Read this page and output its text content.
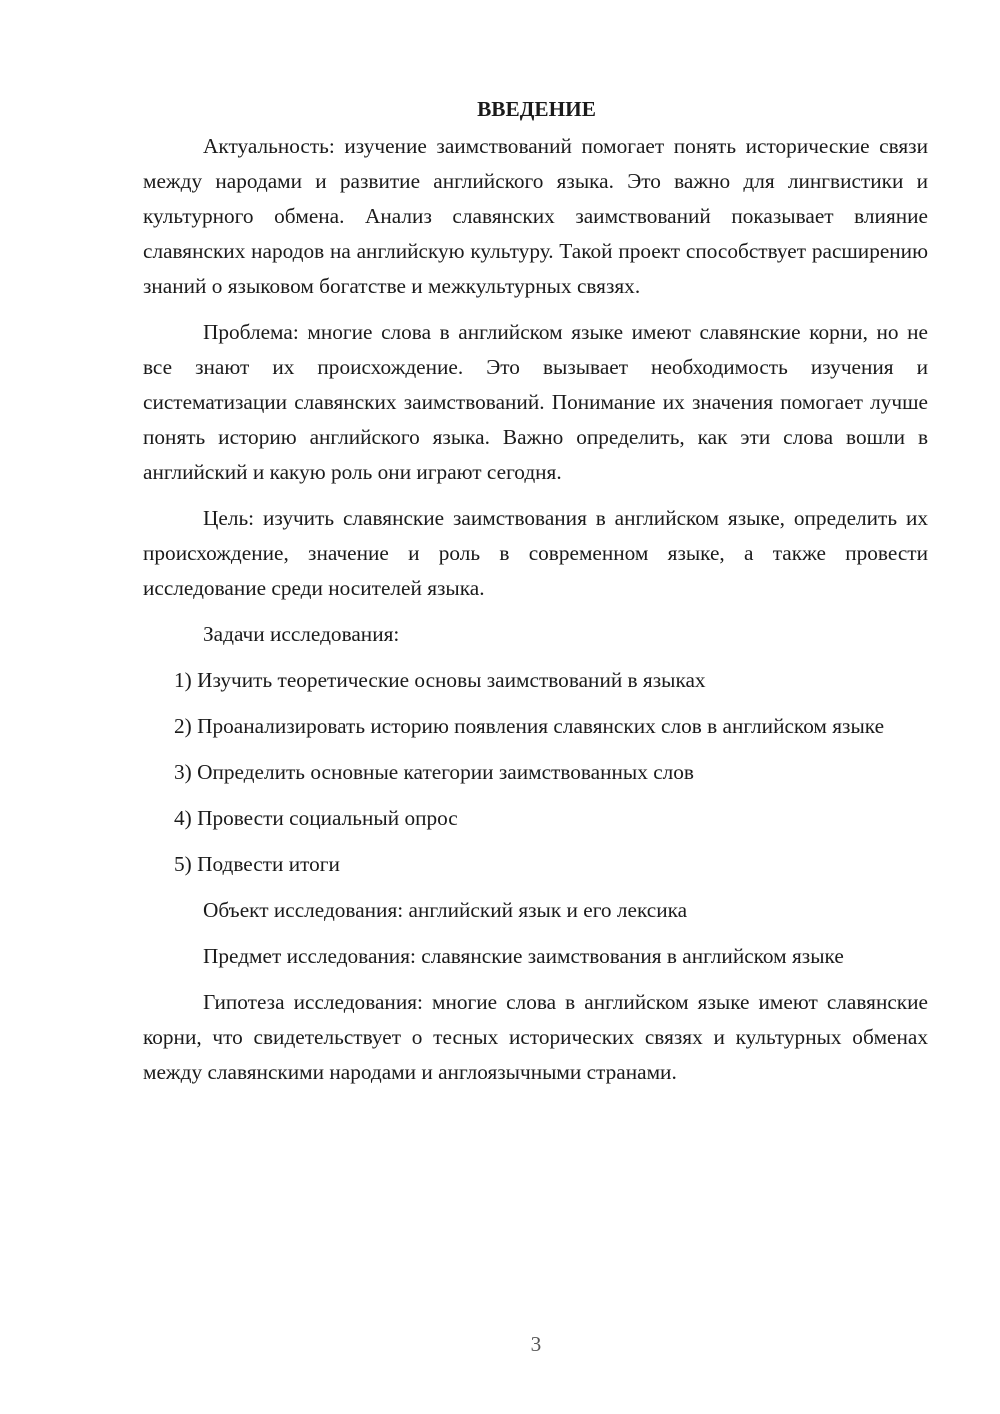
ВВЕДЕНИЕ

Актуальность: изучение заимствований помогает понять исторические связи между народами и развитие английского языка. Это важно для лингвистики и культурного обмена. Анализ славянских заимствований показывает влияние славянских народов на английскую культуру. Такой проект способствует расширению знаний о языковом богатстве и межкультурных связях.

Проблема: многие слова в английском языке имеют славянские корни, но не все знают их происхождение. Это вызывает необходимость изучения и систематизации славянских заимствований. Понимание их значения помогает лучше понять историю английского языка. Важно определить, как эти слова вошли в английский и какую роль они играют сегодня.

Цель: изучить славянские заимствования в английском языке, определить их происхождение, значение и роль в современном языке, а также провести исследование среди носителей языка.

Задачи исследования:

1) Изучить теоретические основы заимствований в языках

2) Проанализировать историю появления славянских слов в английском языке

3) Определить основные категории заимствованных слов

4) Провести социальный опрос

5) Подвести итоги

Объект исследования: английский язык и его лексика

Предмет исследования: славянские заимствования в английском языке

Гипотеза исследования: многие слова в английском языке имеют славянские корни, что свидетельствует о тесных исторических связях и культурных обменах между славянскими народами и англоязычными странами.

3
